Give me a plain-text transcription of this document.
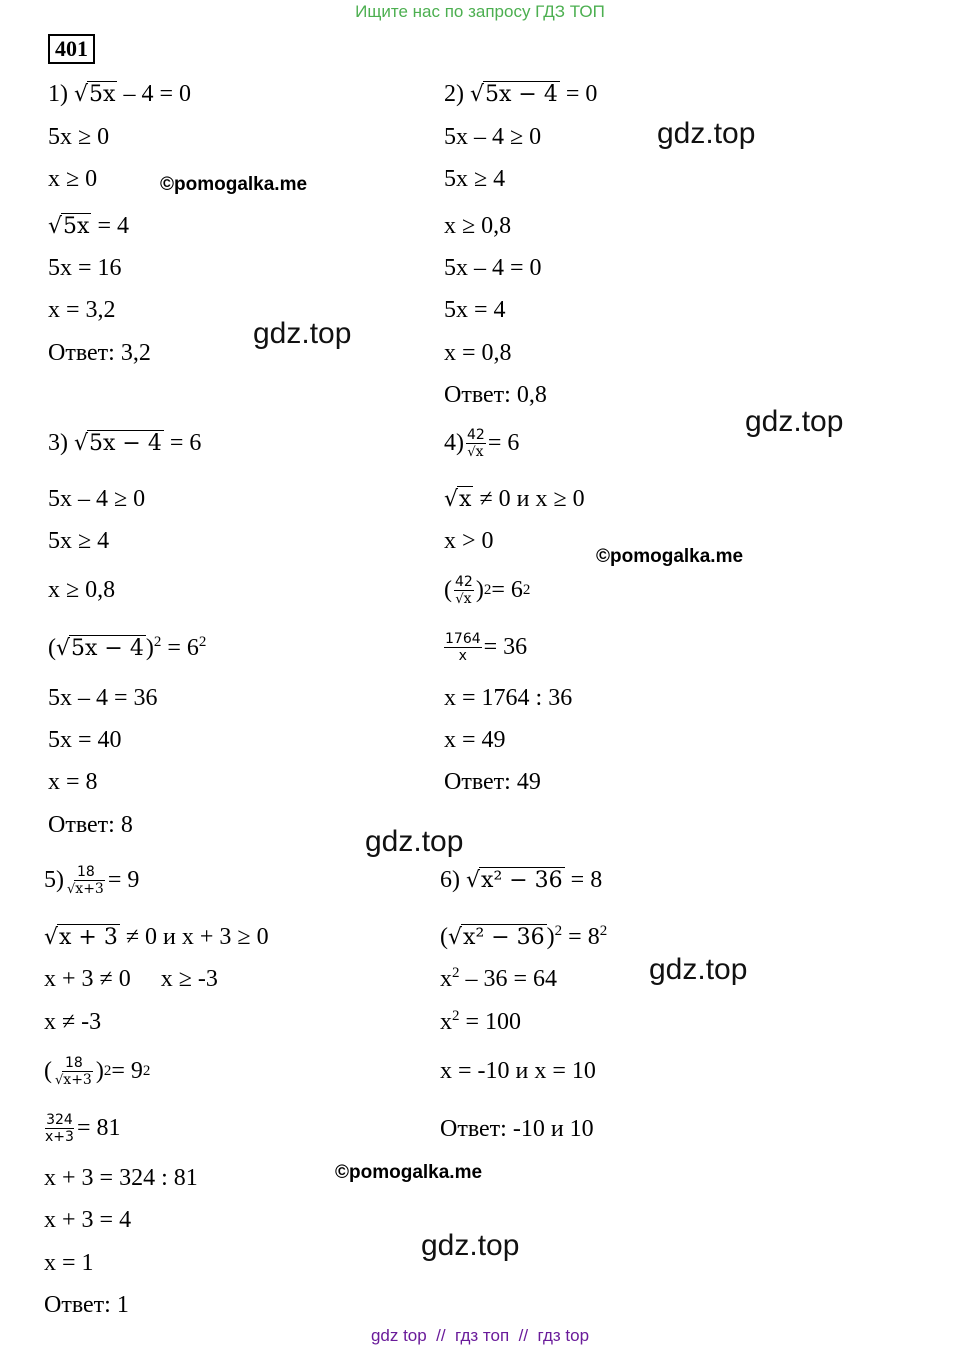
Ищите нас по запросу ГДЗ ТОП
401
1) √5x – 4 = 0
5x ≥ 0
x ≥ 0
√5x = 4
5x = 16
x = 3,2
Ответ: 3,2
2) √5x − 4 = 0
5x – 4 ≥ 0
5x ≥ 4
x ≥ 0,8
5x – 4 = 0
5x = 4
x = 0,8
Ответ: 0,8
3) √5x − 4 = 6
5x – 4 ≥ 0
5x ≥ 4
x ≥ 0,8
$(√5x - 4)^2 = 6^2$
5x – 4 = 36
5x = 40
x = 8
Ответ: 8
$4) \frac{42}{√x} = 6$
√x ≠ 0 и x ≥ 0
x > 0
( $\frac{42}{√x}$ ) 2 = 6 2
$\frac{1764}{x} = 36$
x = 1764 : 36
x = 49
Ответ: 49
$5) \frac{18}{√x+3} = 9$
√x + 3 ≠ 0 и x + 3 ≥ 0
x + 3 ≠ 0     x ≥ -3
x ≠ -3
( $\frac{18}{√x+3}$ ) 2 = 9 2
$\frac{324}{x+3} = 81$
x + 3 = 324 : 81
x + 3 = 4
x = 1
Ответ: 1
6) √x² − 36 = 8
$(√x^2 - 36)^2 = 8^2$
$x^2 - 36 = 64$
$x^2 = 100$
x = -10 и x = 10
Ответ: -10 и 10
gdz.top
gdz.top
gdz.top
gdz.top
gdz.top
gdz.top
©pomogalka.me
©pomogalka.me
©pomogalka.me
gdz top  //  гдз топ  //  гдз top
